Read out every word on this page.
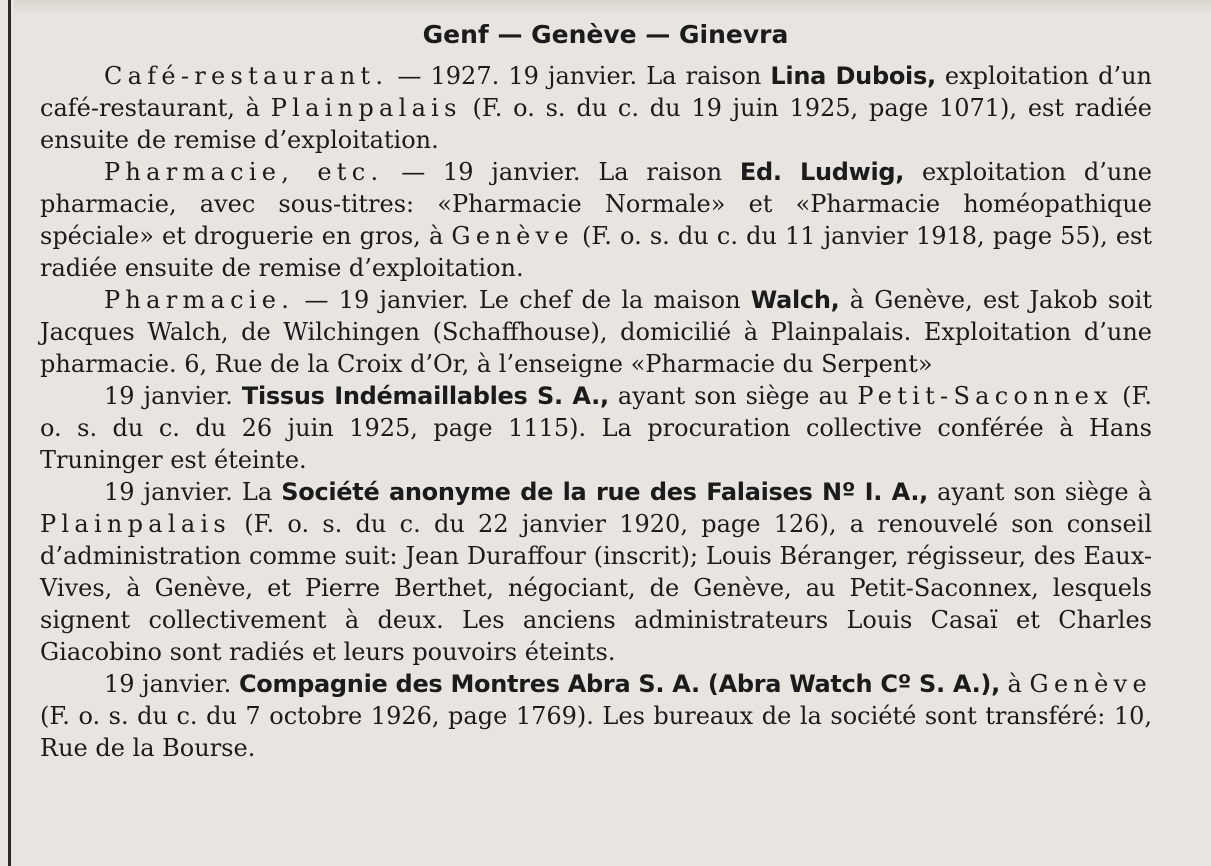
Genf — Genève — Ginevra

Café-restaurant. — 1927. 19 janvier. La raison Lina Dubois, exploitation d’un café-restaurant, à Plainpalais (F. o. s. du c. du 19 juin 1925, page 1071), est radiée ensuite de remise d’exploitation.

Pharmacie, etc. — 19 janvier. La raison Ed. Ludwig, exploitation d’une pharmacie, avec sous-titres: «Pharmacie Normale» et «Pharmacie homéopathique spéciale» et droguerie en gros, à Genève (F. o. s. du c. du 11 janvier 1918, page 55), est radiée ensuite de remise d’exploitation.

Pharmacie. — 19 janvier. Le chef de la maison Walch, à Genève, est Jakob soit Jacques Walch, de Wilchingen (Schaffhouse), domicilié à Plainpalais. Exploitation d’une pharmacie. 6, Rue de la Croix d’Or, à l’enseigne «Pharmacie du Serpent»

19 janvier. Tissus Indémaillables S. A., ayant son siège au Petit-Saconnex (F. o. s. du c. du 26 juin 1925, page 1115). La procuration collective conférée à Hans Truninger est éteinte.

19 janvier. La Société anonyme de la rue des Falaises Nº I. A., ayant son siège à Plainpalais (F. o. s. du c. du 22 janvier 1920, page 126), a renouvelé son conseil d’administration comme suit: Jean Duraffour (inscrit); Louis Béranger, régisseur, des Eaux-Vives, à Genève, et Pierre Berthet, négociant, de Genève, au Petit-Saconnex, lesquels signent collectivement à deux. Les anciens administrateurs Louis Casaï et Charles Giacobino sont radiés et leurs pouvoirs éteints.

19 janvier. Compagnie des Montres Abra S. A. (Abra Watch Cº S. A.), à Genève (F. o. s. du c. du 7 octobre 1926, page 1769). Les bureaux de la société sont transféré: 10, Rue de la Bourse.
